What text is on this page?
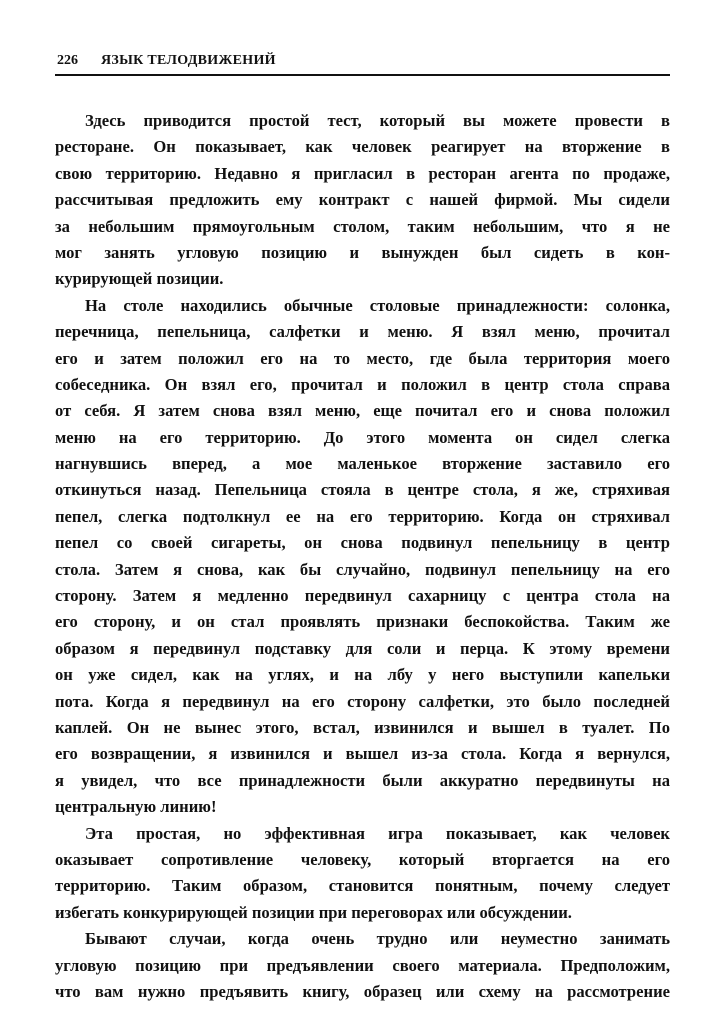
226 ЯЗЫК ТЕЛОДВИЖЕНИЙ
Здесь приводится простой тест, который вы можете провести в
ресторане. Он показывает, как человек реагирует на вторжение в
свою территорию. Недавно я пригласил в ресторан агента по продаже,
рассчитывая предложить ему контракт с нашей фирмой. Мы сидели
за небольшим прямоугольным столом, таким небольшим, что я не
мог занять угловую позицию и вынужден был сидеть в кон-
курирующей позиции.
На столе находились обычные столовые принадлежности: солонка,
перечница, пепельница, салфетки и меню. Я взял меню, прочитал
его и затем положил его на то место, где была территория моего
собеседника. Он взял его, прочитал и положил в центр стола справа
от себя. Я затем снова взял меню, еще почитал его и снова положил
меню на его территорию. До этого момента он сидел слегка
нагнувшись вперед, а мое маленькое вторжение заставило его
откинуться назад. Пепельница стояла в центре стола, я же, стряхивая
пепел, слегка подтолкнул ее на его территорию. Когда он стряхивал
пепел со своей сигареты, он снова подвинул пепельницу в центр
стола. Затем я снова, как бы случайно, подвинул пепельницу на его
сторону. Затем я медленно передвинул сахарницу с центра стола на
его сторону, и он стал проявлять признаки беспокойства. Таким же
образом я передвинул подставку для соли и перца. К этому времени
он уже сидел, как на углях, и на лбу у него выступили капельки
пота. Когда я передвинул на его сторону салфетки, это было последней
каплей. Он не вынес этого, встал, извинился и вышел в туалет. По
его возвращении, я извинился и вышел из-за стола. Когда я вернулся,
я увидел, что все принадлежности были аккуратно передвинуты на
центральную линию!
Эта простая, но эффективная игра показывает, как человек
оказывает сопротивление человеку, который вторгается на его
территорию. Таким образом, становится понятным, почему следует
избегать конкурирующей позиции при переговорах или обсуждении.
Бывают случаи, когда очень трудно или неуместно занимать
угловую позицию при предъявлении своего материала. Предположим,
что вам нужно предъявить книгу, образец или схему на рассмотрение
